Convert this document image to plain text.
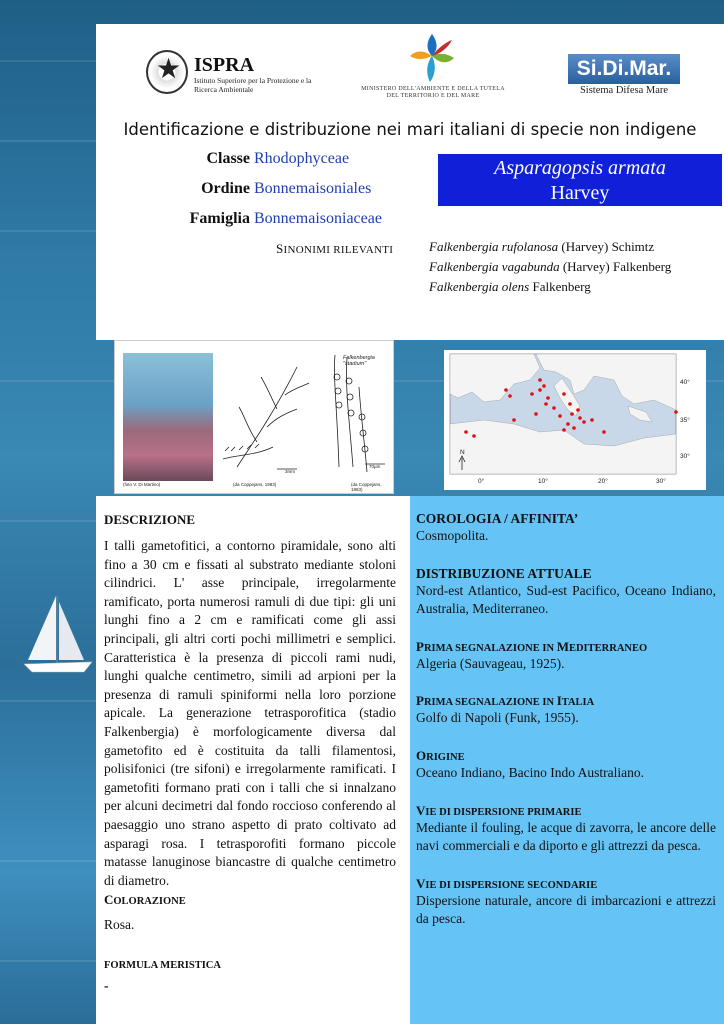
★ ISPRA
Istituto Superiore per la Protezione e la Ricerca Ambientale	MINISTERO DELL'AMBIENTE E DELLA TUTELA DEL TERRITORIO E DEL MARE
Si.Di.Mar.
Sistema Difesa Mare
Identificazione e distribuzione nei mari italiani di specie non indigene
Classe Rhodophyceae
Ordine Bonnemaisoniales
Famiglia Bonnemaisoniaceae
Asparagopsis armata
Harvey
SINONIMI RILEVANTI	Falkenbergia rufolanosa (Harvey) Schimtz
Falkenbergia vagabunda (Harvey) Falkenberg
Falkenbergia olens Falkenberg
(foto V. Di Martino)
Falkenbergia "stadium"
3mm
70µm
(da Coppejans, 1983)	(da Coppejans, 1983)
40°
35°
30°
0°	10°	20°	30°
N
DESCRIZIONE
I talli gametofitici, a contorno piramidale, sono alti fino a 30 cm e fissati al substrato mediante stoloni cilindrici. L' asse principale, irregolarmente ramificato, porta numerosi ramuli di due tipi: gli uni lunghi fino a 2 cm e ramificati come gli assi principali, gli altri corti pochi millimetri e semplici. Caratteristica è la presenza di piccoli rami nudi, lunghi qualche centimetro, simili ad arpioni per la presenza di ramuli spiniformi nella loro porzione apicale. La generazione tetrasporofitica (stadio Falkenbergia) è morfologicamente diversa dal gametofito ed è costituita da talli filamentosi, polisifonici (tre sifoni) e irregolarmente ramificati. I gametofiti formano prati con i talli che si innalzano per alcuni decimetri dal fondo roccioso conferendo al paesaggio uno strano aspetto di prato coltivato ad asparagi rosa. I tetrasporofiti formano piccole matasse lanuginose biancastre di qualche centimetro di diametro.
COLORAZIONE
Rosa.
FORMULA MERISTICA
-
COROLOGIA / AFFINITA’
Cosmopolita.
DISTRIBUZIONE ATTUALE
Nord-est Atlantico, Sud-est Pacifico, Oceano Indiano, Australia, Mediterraneo.
PRIMA SEGNALAZIONE IN MEDITERRANEO
Algeria (Sauvageau, 1925).
PRIMA SEGNALAZIONE IN ITALIA
Golfo di Napoli (Funk, 1955).
ORIGINE
Oceano Indiano, Bacino Indo Australiano.
VIE DI DISPERSIONE PRIMARIE
Mediante il fouling, le acque di zavorra, le ancore delle navi commerciali e da diporto e gli attrezzi da pesca.
VIE DI DISPERSIONE SECONDARIE
Dispersione naturale, ancore di imbarcazioni e attrezzi da pesca.
